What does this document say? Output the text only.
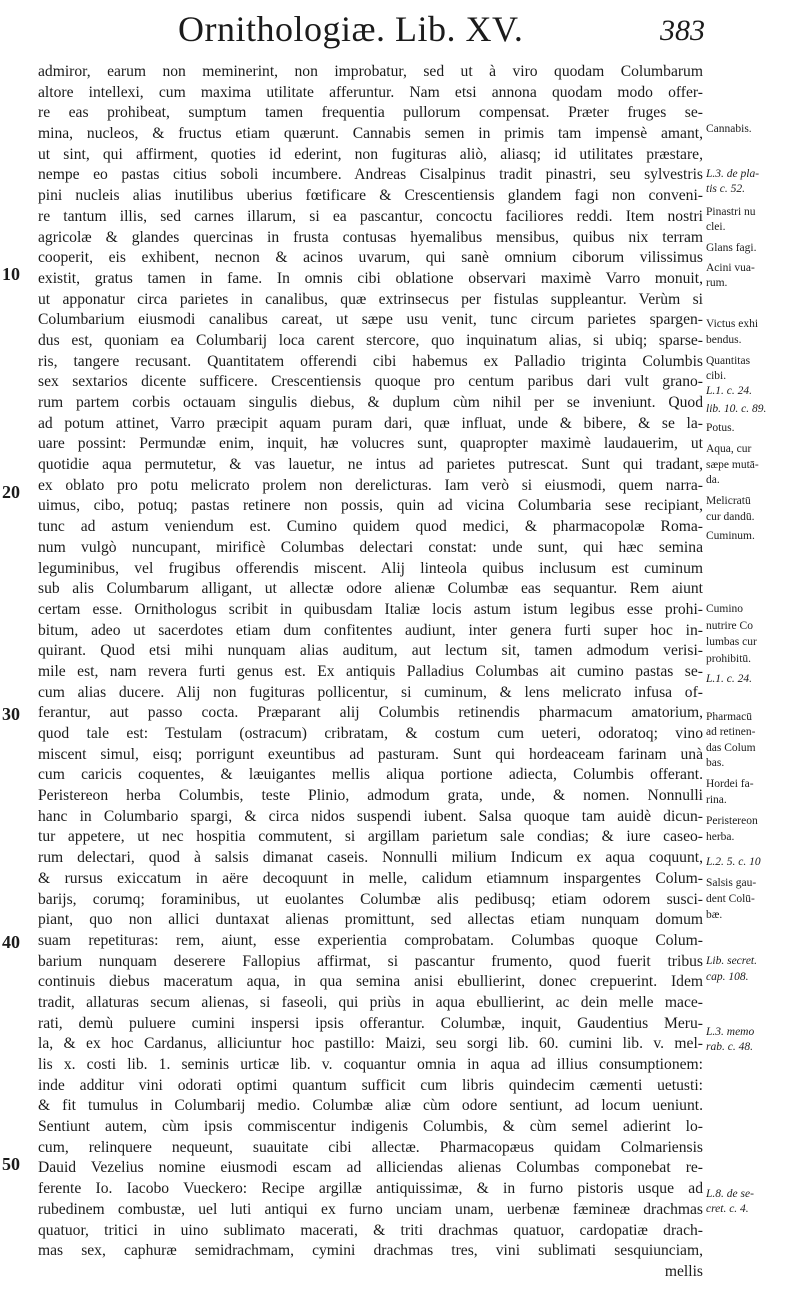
Ornithologiæ. Lib. XV.	383
10
20
30
40
50
admiror, earum non meminerint, non improbatur, sed ut à viro quodam Columbarum
altore intellexi, cum maxima utilitate afferuntur. Nam etsi annona quodam modo offer-
re eas prohibeat, sumptum tamen frequentia pullorum compensat. Præter fruges se-
mina, nucleos, & fructus etiam quærunt. Cannabis semen in primis tam impensè amant,
ut sint, qui affirment, quoties id ederint, non fugituras aliò, aliasq; id utilitates præstare,
nempe eo pastas citius soboli incumbere. Andreas Cisalpinus tradit pinastri, seu sylvestris
pini nucleis alias inutilibus uberius fœtificare & Crescentiensis glandem fagi non conveni-
re tantum illis, sed carnes illarum, si ea pascantur, concoctu faciliores reddi. Item nostri
agricolæ & glandes quercinas in frusta contusas hyemalibus mensibus, quibus nix terram
cooperit, eis exhibent, necnon & acinos uvarum, qui sanè omnium ciborum vilissimus
existit, gratus tamen in fame. In omnis cibi oblatione observari maximè Varro monuit,
ut apponatur circa parietes in canalibus, quæ extrinsecus per fistulas suppleantur. Verùm si
Columbarium eiusmodi canalibus careat, ut sæpe usu venit, tunc circum parietes spargen-
dus est, quoniam ea Columbarij loca carent stercore, quo inquinatum alias, si ubiq; sparse-
ris, tangere recusant. Quantitatem offerendi cibi habemus ex Palladio triginta Columbis
sex sextarios dicente sufficere. Crescentiensis quoque pro centum paribus dari vult grano-
rum partem corbis octauam singulis diebus, & duplum cùm nihil per se inveniunt. Quod
ad potum attinet, Varro præcipit aquam puram dari, quæ influat, unde & bibere, & se la-
uare possint: Permundæ enim, inquit, hæ volucres sunt, quapropter maximè laudauerim, ut
quotidie aqua permutetur, & vas lauetur, ne intus ad parietes putrescat. Sunt qui tradant,
ex oblato pro potu melicrato prolem non derelicturas. Iam verò si eiusmodi, quem narra-
uimus, cibo, potuq; pastas retinere non possis, quin ad vicina Columbaria sese recipiant,
tunc ad astum veniendum est. Cumino quidem quod medici, & pharmacopolæ Roma-
num vulgò nuncupant, mirificè Columbas delectari constat: unde sunt, qui hæc semina
leguminibus, vel frugibus offerendis miscent. Alij linteola quibus inclusum est cuminum
sub alis Columbarum alligant, ut allectæ odore alienæ Columbæ eas sequantur. Rem aiunt
certam esse. Ornithologus scribit in quibusdam Italiæ locis astum istum legibus esse prohi-
bitum, adeo ut sacerdotes etiam dum confitentes audiunt, inter genera furti super hoc in-
quirant. Quod etsi mihi nunquam alias auditum, aut lectum sit, tamen admodum verisi-
mile est, nam revera furti genus est. Ex antiquis Palladius Columbas ait cumino pastas se-
cum alias ducere. Alij non fugituras pollicentur, si cuminum, & lens melicrato infusa of-
ferantur, aut passo cocta. Præparant alij Columbis retinendis pharmacum amatorium,
quod tale est: Testulam (ostracum) cribratam, & costum cum ueteri, odoratoq; vino
miscent simul, eisq; porrigunt exeuntibus ad pasturam. Sunt qui hordeaceam farinam unà
cum caricis coquentes, & læuigantes mellis aliqua portione adiecta, Columbis offerant.
Peristereon herba Columbis, teste Plinio, admodum grata, unde, & nomen. Nonnulli
hanc in Columbario spargi, & circa nidos suspendi iubent. Salsa quoque tam auidè dicun-
tur appetere, ut nec hospitia commutent, si argillam parietum sale condias; & iure caseo-
rum delectari, quod à salsis dimanat caseis. Nonnulli milium Indicum ex aqua coquunt,
& rursus exiccatum in aëre decoquunt in melle, calidum etiamnum inspargentes Colum-
barijs, corumq; foraminibus, ut euolantes Columbæ alis pedibusq; etiam odorem susci-
piant, quo non allici duntaxat alienas promittunt, sed allectas etiam nunquam domum
suam repetituras: rem, aiunt, esse experientia comprobatam. Columbas quoque Colum-
barium nunquam deserere Fallopius affirmat, si pascantur frumento, quod fuerit tribus
continuis diebus maceratum aqua, in qua semina anisi ebullierint, donec crepuerint. Idem
tradit, allaturas secum alienas, si faseoli, qui priùs in aqua ebullierint, ac dein melle mace-
rati, demù puluere cumini inspersi ipsis offerantur. Columbæ, inquit, Gaudentius Meru-
la, & ex hoc Cardanus, alliciuntur hoc pastillo: Maizi, seu sorgi lib. 60. cumini lib. v. mel-
lis x. costi lib. 1. seminis urticæ lib. v. coquantur omnia in aqua ad illius consumptionem:
inde additur vini odorati optimi quantum sufficit cum libris quindecim cæmenti uetusti:
& fit tumulus in Columbarij medio. Columbæ aliæ cùm odore sentiunt, ad locum ueniunt.
Sentiunt autem, cùm ipsis commiscentur indigenis Columbis, & cùm semel adierint lo-
cum, relinquere nequeunt, suauitate cibi allectæ. Pharmacopæus quidam Colmariensis
Dauid Vezelius nomine eiusmodi escam ad alliciendas alienas Columbas componebat re-
ferente Io. Iacobo Vueckero: Recipe argillæ antiquissimæ, & in furno pistoris usque ad
rubedinem combustæ, uel luti antiqui ex furno unciam unam, uerbenæ fæmineæ drachmas
quatuor, tritici in uino sublimato macerati, & triti drachmas quatuor, cardopatiæ drach-
mas sex, caphuræ semidrachmam, cymini drachmas tres, vini sublimati sesquiunciam,
mellis
Cannabis.
L.3. de pla-
tis c. 52.
Pinastri nu
clei.
Glans fagi.
Acini vua-
rum.
Victus exhi
bendus.
Quantitas
cibi.
L.1. c. 24.
lib. 10. c. 89.
Potus.
Aqua, cur
sæpe mutā-
da.
Melicratū
cur dandū.
Cuminum.
Cumino
nutrire Co
lumbas cur
prohibitū.
L.1. c. 24.
Pharmacū
ad retinen-
das Colum
bas.
Hordei fa-
rina.
Peristereon
herba.
L.2. 5. c. 10
Salsis gau-
dent Colū-
bæ.
Lib. secret.
cap. 108.
L.3. memo
rab. c. 48.
L.8. de se-
cret. c. 4.
